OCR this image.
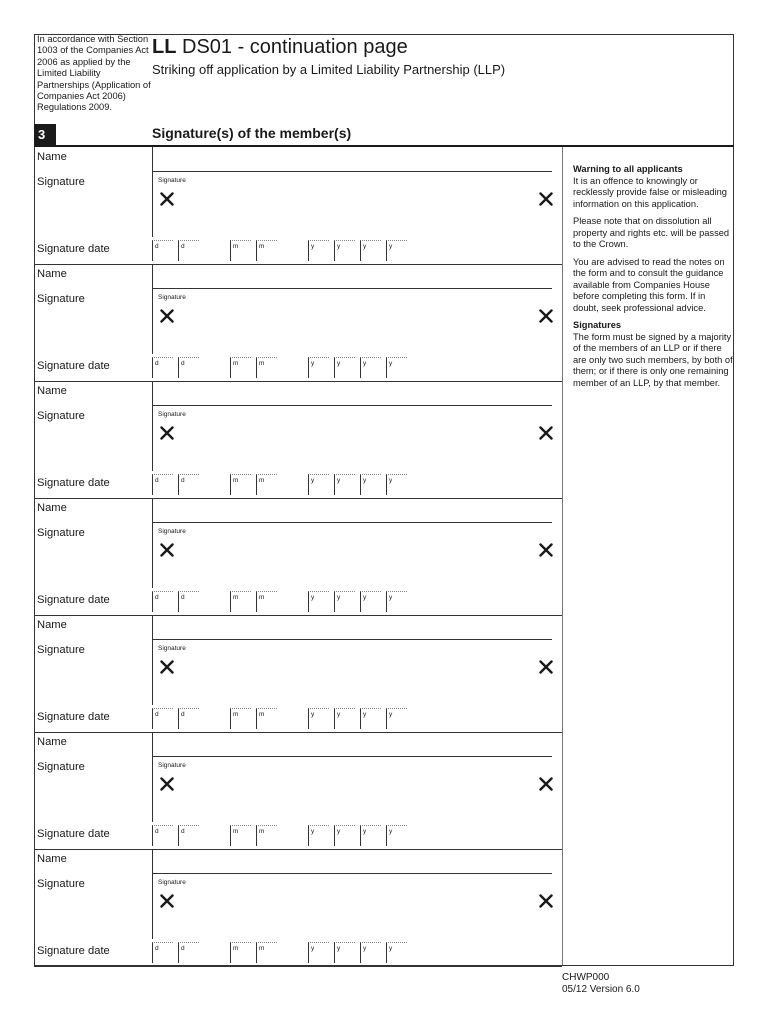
In accordance with Section 1003 of the Companies Act 2006 as applied by the Limited Liability Partnerships (Application of Companies Act 2006) Regulations 2009.
LL DS01 - continuation page
Striking off application by a Limited Liability Partnership (LLP)
3	Signature(s) of the member(s)

Warning to all applicants
It is an offence to knowingly or recklessly provide false or misleading information on this application.

Please note that on dissolution all property and rights etc. will be passed to the Crown.

You are advised to read the notes on the form and to consult the guidance available from Companies House before completing this form. If in doubt, seek professional advice.

Signatures
The form must be signed by a majority of the members of an LLP or if there are only two such members, by both of them; or if there is only one remaining member of an LLP, by that member.

Name
Signature	Signature
Signature date	d	d	m	m	y	y	y	y
Name
Signature	Signature
Signature date	d	d	m	m	y	y	y	y
Name
Signature	Signature
Signature date	d	d	m	m	y	y	y	y
Name
Signature	Signature
Signature date	d	d	m	m	y	y	y	y
Name
Signature	Signature
Signature date	d	d	m	m	y	y	y	y
Name
Signature	Signature
Signature date	d	d	m	m	y	y	y	y
Name
Signature	Signature
Signature date	d	d	m	m	y	y	y	y
CHWP000
05/12 Version 6.0
